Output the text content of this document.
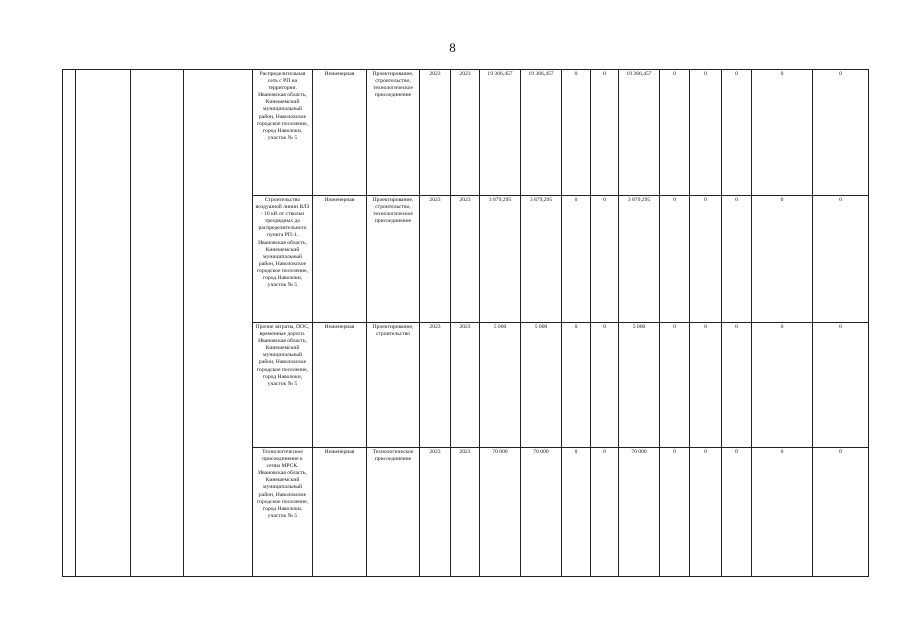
8
				Распределительная сеть с РП на территории. Ивановская область, Кинешемский муниципальный район, Наволокское городское поселение, город Наволоки, участок № 5	Инженерная	Проектирование, строительство, технологическое присоединение	2023	2023	19 366,457	19 366,457	0	0	19 366,457	0	0	0	0	0
				Строительство воздушной линии ВЛЗ - 10 кВ от ствольн трехрядных до распределительного пункта РП-1. Ивановская область, Кинешемский муниципальный район, Наволокское городское поселение, город Наволоки, участок № 5	Инженерная	Проектирование, строительство, технологическое присоединение	2023	2023	3 879,295	3 879,295	0	0	3 879,295	0	0	0	0	0
				Прочие затраты, ПОС, временные дороги. Ивановская область, Кинешемский муниципальный район, Наволокское городское поселение, город Наволоки, участок № 5	Инженерная	Проектирование, строительство	2023	2023	5 000	5 000	0	0	5 000	0	0	0	0	0
				Технологическое присоединение к сетям МРСК. Ивановская область, Кинешемский муниципальный район, Наволокское городское поселение, город Наволоки, участок № 5	Инженерная	Технологическое присоединение	2023	2023	70 000	70 000	0	0	70 000	0	0	0	0	0
